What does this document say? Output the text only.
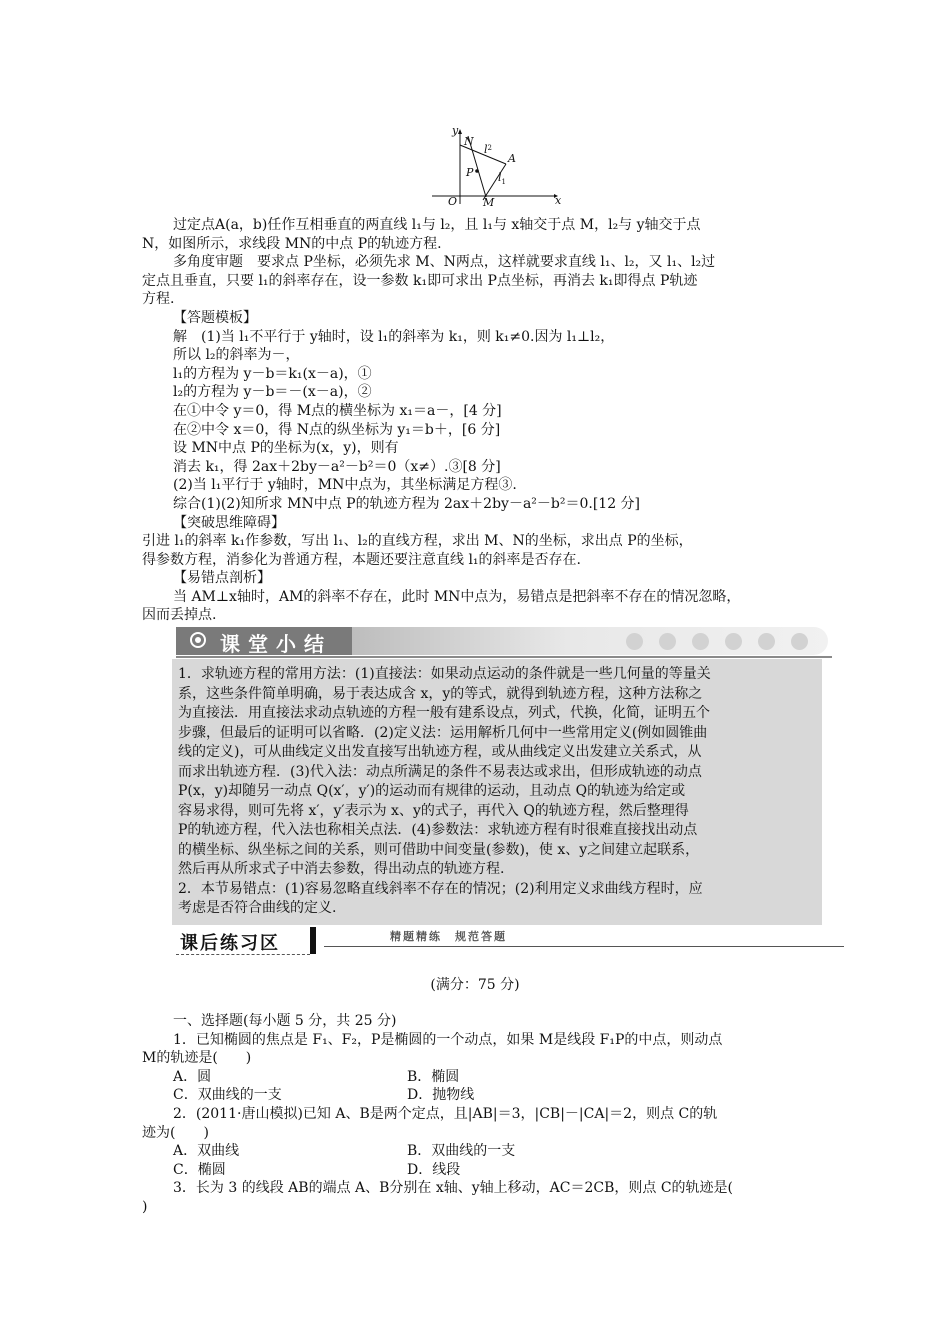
y
x
O
N
M
A
P
$l^2$
$l_1$
过定点A(a，b)任作互相垂直的两直线 l₁与 l₂，且 l₁与 x轴交于点 M，l₂与 y轴交于点
N，如图所示，求线段 MN的中点 P的轨迹方程.
多角度审题　要求点 P坐标，必须先求 M、N两点，这样就要求直线 l₁、l₂，又 l₁、l₂过
定点且垂直，只要 l₁的斜率存在，设一参数 k₁即可求出 P点坐标，再消去 k₁即得点 P轨迹
方程.
【答题模板】
解　(1)当 l₁不平行于 y轴时，设 l₁的斜率为 k₁，则 k₁≠0.因为 l₁⊥l₂，
所以 l₂的斜率为－，
l₁的方程为 y－b＝k₁(x－a)，①
l₂的方程为 y－b＝－(x－a)，②
在①中令 y＝0，得 M点的横坐标为 x₁＝a－，[4 分]
在②中令 x＝0，得 N点的纵坐标为 y₁＝b＋，[6 分]
设 MN中点 P的坐标为(x，y)，则有
消去 k₁，得 2ax＋2by－a²－b²＝0（x≠）.③[8 分]
(2)当 l₁平行于 y轴时，MN中点为，其坐标满足方程③.
综合(1)(2)知所求 MN中点 P的轨迹方程为 2ax＋2by－a²－b²＝0.[12 分]
【突破思维障碍】
引进 l₁的斜率 k₁作参数，写出 l₁、l₂的直线方程，求出 M、N的坐标，求出点 P的坐标，
得参数方程，消参化为普通方程，本题还要注意直线 l₁的斜率是否存在.
【易错点剖析】
当 AM⊥x轴时，AM的斜率不存在，此时 MN中点为，易错点是把斜率不存在的情况忽略，
因而丢掉点.
课堂小结
1．求轨迹方程的常用方法：(1)直接法：如果动点运动的条件就是一些几何量的等量关
系，这些条件简单明确，易于表达成含 x，y的等式，就得到轨迹方程，这种方法称之
为直接法．用直接法求动点轨迹的方程一般有建系设点，列式，代换，化简，证明五个
步骤，但最后的证明可以省略．(2)定义法：运用解析几何中一些常用定义(例如圆锥曲
线的定义)，可从曲线定义出发直接写出轨迹方程，或从曲线定义出发建立关系式，从
而求出轨迹方程．(3)代入法：动点所满足的条件不易表达或求出，但形成轨迹的动点
P(x，y)却随另一动点 Q(x′，y′)的运动而有规律的运动，且动点 Q的轨迹为给定或
容易求得，则可先将 x′，y′表示为 x、y的式子，再代入 Q的轨迹方程，然后整理得
P的轨迹方程，代入法也称相关点法．(4)参数法：求轨迹方程有时很难直接找出动点
的横坐标、纵坐标之间的关系，则可借助中间变量(参数)，使 x、y之间建立起联系，
然后再从所求式子中消去参数，得出动点的轨迹方程.
2．本节易错点：(1)容易忽略直线斜率不存在的情况；(2)利用定义求曲线方程时，应
考虑是否符合曲线的定义.
课后练习区	精题精练　规范答题
(满分：75 分)
一、选择题(每小题 5 分，共 25 分)
1．已知椭圆的焦点是 F₁、F₂，P是椭圆的一个动点，如果 M是线段 F₁P的中点，则动点
M的轨迹是(　　)
A．圆	B．椭圆
C．双曲线的一支	D．抛物线
2．(2011·唐山模拟)已知 A、B是两个定点，且|AB|＝3，|CB|－|CA|＝2，则点 C的轨
迹为(　　)
A．双曲线	B．双曲线的一支
C．椭圆	D．线段
3．长为 3 的线段 AB的端点 A、B分别在 x轴、y轴上移动，AC＝2CB，则点 C的轨迹是(
)
